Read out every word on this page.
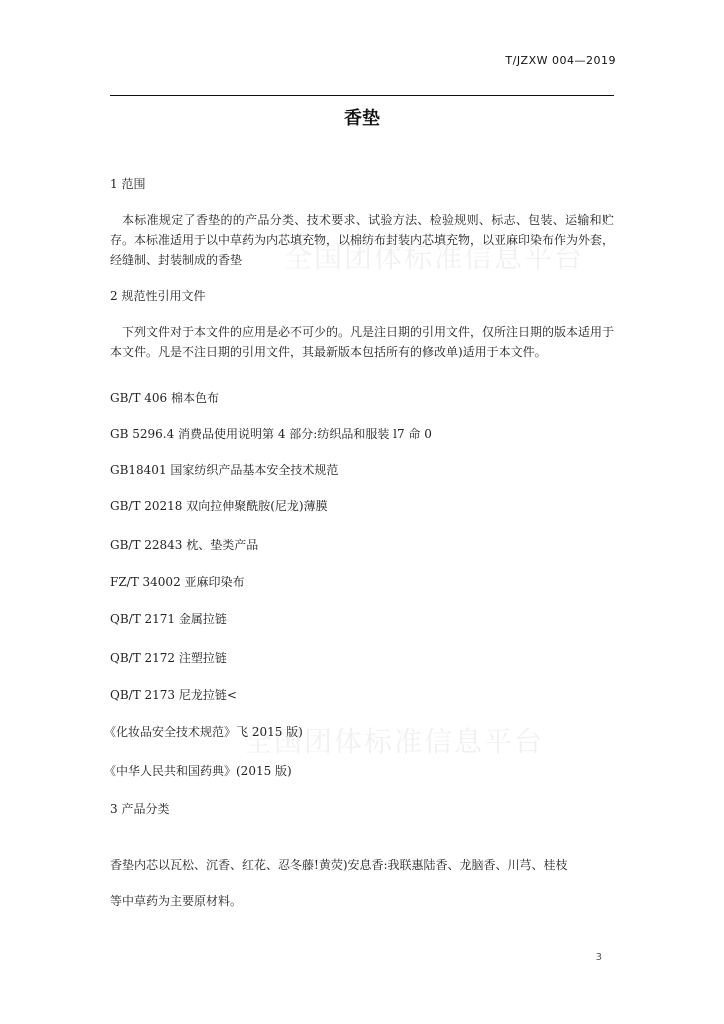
T/JZXW 004—2019
香垫
全国团体标准信息平台
全国团体标准信息平台
1 范围

本标准规定了香垫的的产品分类、技术要求、试验方法、检验规则、标志、包装、运输和贮存。本标准适用于以中草药为内芯填充物，以棉纺布封装内芯填充物，以亚麻印染布作为外套，经缝制、封装制成的香垫

2 规范性引用文件

下列文件对于本文件的应用是必不可少的。凡是注日期的引用文件，仅所注日期的版本适用于本文件。凡是不注日期的引用文件，其最新版本包括所有的修改单)适用于本文件。

GB/T 406 棉本色布
GB 5296.4 消费品使用说明第 4 部分:纺织品和服装 l7 命 0
GB18401 国家纺织产品基本安全技术规范
GB/T 20218 双向拉伸聚酰胺(尼龙)薄膜
GB/T 22843 枕、垫类产品
FZ/T 34002 亚麻印染布
QB/T 2171 金属拉链
QB/T 2172 注塑拉链
QB/T 2173 尼龙拉链<
《化妆品安全技术规范》飞 2015 版)
《中华人民共和国药典》(2015 版)
3 产品分类
香垫内芯以瓦松、沉香、红花、忍冬藤!黄荧)安息香:我联惠陆香、龙脑香、川芎、桂枝
等中草药为主要原材料。
3
